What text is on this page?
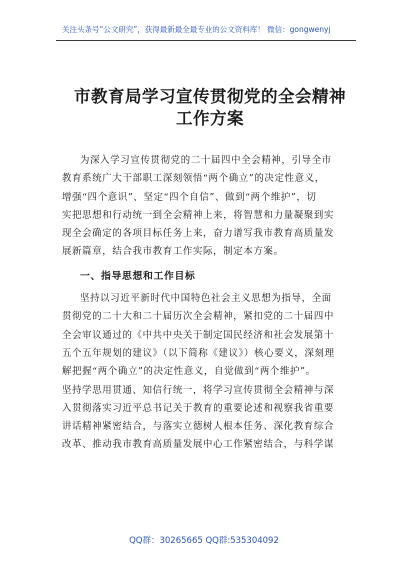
关注头条号“公文研究”，获得最新最全最专业的公文资料库！ 微信：gongwenyj
市教育局学习宣传贯彻党的全会精神
工作方案
为深入学习宣传贯彻党的二十届四中全会精神，引导全市
教育系统广大干部职工深刻领悟“两个确立”的决定性意义，
增强“四个意识”、坚定“四个自信”、做到“两个维护”，切
实把思想和行动统一到全会精神上来，将智慧和力量凝聚到实
现全会确定的各项目标任务上来，奋力谱写我市教育高质量发
展新篇章，结合我市教育工作实际，制定本方案。
一、指导思想和工作目标
坚持以习近平新时代中国特色社会主义思想为指导，全面
贯彻党的二十大和二十届历次全会精神，紧扣党的二十届四中
全会审议通过的《中共中央关于制定国民经济和社会发展第十
五个五年规划的建议》（以下简称《建议》）核心要义，深刻理
解把握“两个确立”的决定性意义，自觉做到“两个维护”。
坚持学思用贯通、知信行统一，将学习宣传贯彻全会精神与深
入贯彻落实习近平总书记关于教育的重要论述和视察我省重要
讲话精神紧密结合，与落实立德树人根本任务、深化教育综合
改革、推动我市教育高质量发展中心工作紧密结合，与科学谋
QQ群：30265665 QQ群:535304092
